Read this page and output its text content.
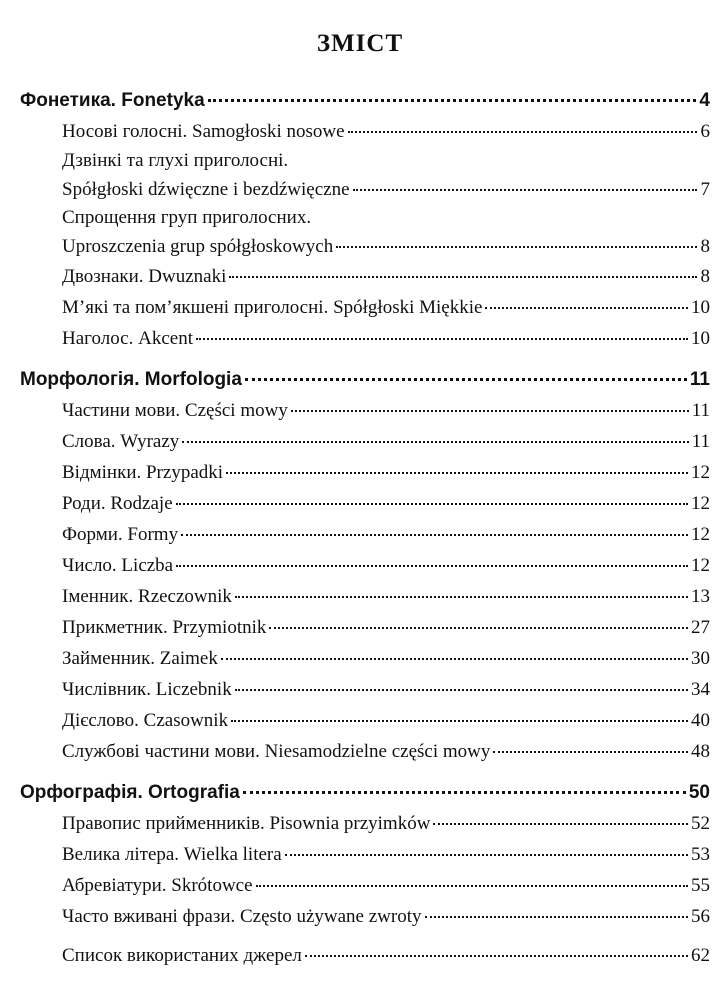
ЗМІСТ
Фонетика. Fonetyka	4
Носові голосні. Samogłoski nosowe	6
Дзвінкі та глухі приголосні.
Spółgłoski dźwięczne i bezdźwięczne	7
Спрощення груп приголосних.
Uproszczenia grup spółgłoskowych	8
Двознаки. Dwuznaki	8
М’які та пом’якшені приголосні. Spółgłoski Miękkie	10
Наголос. Akcent	10
Морфологія. Morfologia	11
Частини мови. Części mowy	11
Слова. Wyrazy	11
Відмінки. Przypadki	12
Роди. Rodzaje	12
Форми. Formy	12
Число. Liczba	12
Іменник. Rzeczownik	13
Прикметник. Przymiotnik	27
Займенник. Zaimek	30
Числівник. Liczebnik	34
Дієслово. Czasownik	40
Службові частини мови. Niesamodzielne części mowy	48
Орфографія. Ortografia	50
Правопис прийменників. Pisownia przyimków	52
Велика літера. Wielka litera	53
Абревіатури. Skrótowce	55
Часто вживані фрази. Często używane zwroty	56
Список використаних джерел	62
